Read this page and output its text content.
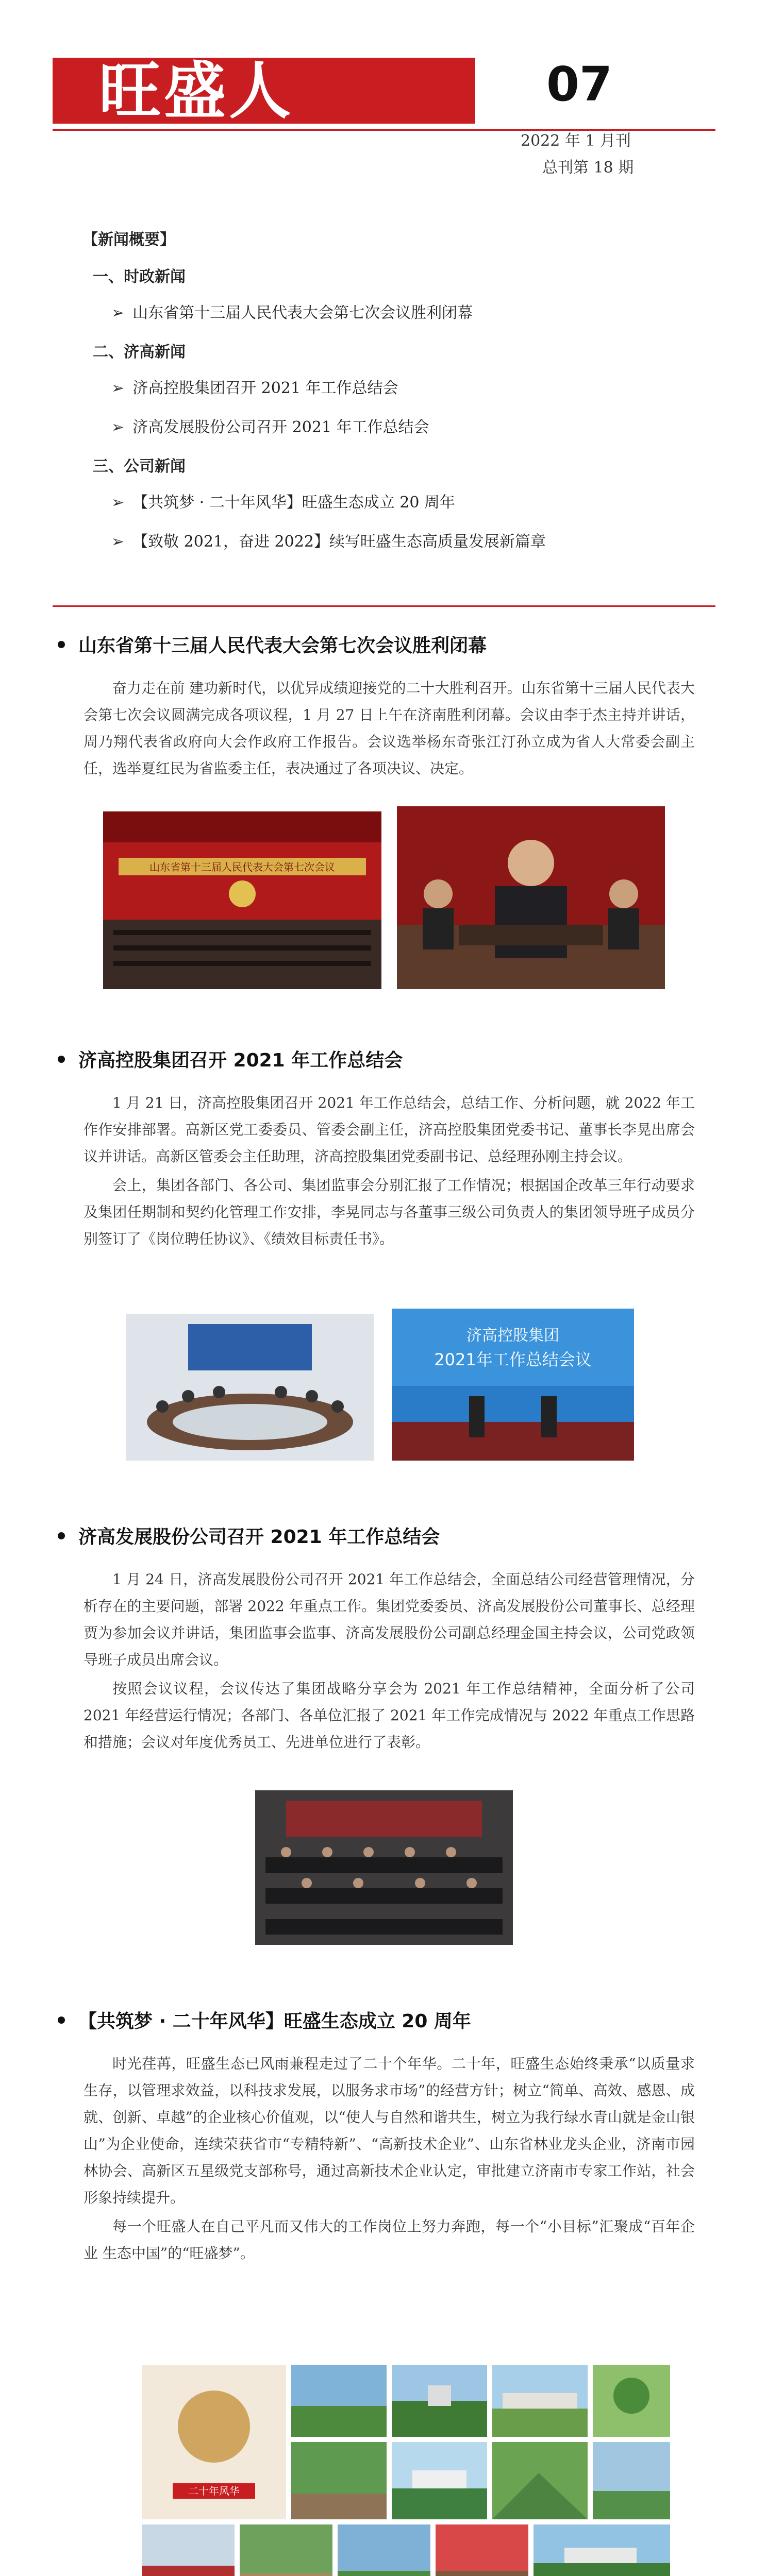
旺盛人	07
2022 年 1 月刊
总刊第 18 期
【新闻概要】
一、时政新闻
➢ 山东省第十三届人民代表大会第七次会议胜利闭幕
二、济高新闻
➢ 济高控股集团召开 2021 年工作总结会
➢ 济高发展股份公司召开 2021 年工作总结会
三、公司新闻
➢ 【共筑梦 · 二十年风华】旺盛生态成立 20 周年
➢ 【致敬 2021，奋进 2022】续写旺盛生态高质量发展新篇章
山东省第十三届人民代表大会第七次会议胜利闭幕

奋力走在前 建功新时代，以优异成绩迎接党的二十大胜利召开。山东省第十三届人民代表大会第七次会议圆满完成各项议程，1 月 27 日上午在济南胜利闭幕。会议由李于杰主持并讲话，周乃翔代表省政府向大会作政府工作报告。会议选举杨东奇张江汀孙立成为省人大常委会副主任，选举夏红民为省监委主任，表决通过了各项决议、决定。

山东省第十三届人民代表大会第七次会议
济高控股集团召开 2021 年工作总结会

1 月 21 日，济高控股集团召开 2021 年工作总结会，总结工作、分析问题，就 2022 年工作作安排部署。高新区党工委委员、管委会副主任，济高控股集团党委书记、董事长李晃出席会议并讲话。高新区管委会主任助理，济高控股集团党委副书记、总经理孙刚主持会议。

会上，集团各部门、各公司、集团监事会分别汇报了工作情况；根据国企改革三年行动要求及集团任期制和契约化管理工作安排，李晃同志与各董事三级公司负责人的集团领导班子成员分别签订了《岗位聘任协议》、《绩效目标责任书》。

济高控股集团
2021年工作总结会议
济高发展股份公司召开 2021 年工作总结会

1 月 24 日，济高发展股份公司召开 2021 年工作总结会，全面总结公司经营管理情况，分析存在的主要问题，部署 2022 年重点工作。集团党委委员、济高发展股份公司董事长、总经理贾为参加会议并讲话，集团监事会监事、济高发展股份公司副总经理金国主持会议，公司党政领导班子成员出席会议。

按照会议议程，会议传达了集团战略分享会为 2021 年工作总结精神，全面分析了公司 2021 年经营运行情况；各部门、各单位汇报了 2021 年工作完成情况与 2022 年重点工作思路和措施；会议对年度优秀员工、先进单位进行了表彰。

【共筑梦 · 二十年风华】旺盛生态成立 20 周年

时光荏苒，旺盛生态已风雨兼程走过了二十个年华。二十年，旺盛生态始终秉承“以质量求生存，以管理求效益，以科技求发展，以服务求市场”的经营方针；树立“简单、高效、感恩、成就、创新、卓越”的企业核心价值观，以“使人与自然和谐共生，树立为我行绿水青山就是金山银山”为企业使命，连续荣获省市“专精特新”、“高新技术企业”、山东省林业龙头企业，济南市园林协会、高新区五星级党支部称号，通过高新技术企业认定，审批建立济南市专家工作站，社会形象持续提升。

每一个旺盛人在自己平凡而又伟大的工作岗位上努力奔跑，每一个“小目标”汇聚成“百年企业 生态中国”的“旺盛梦”。

二十年风华
